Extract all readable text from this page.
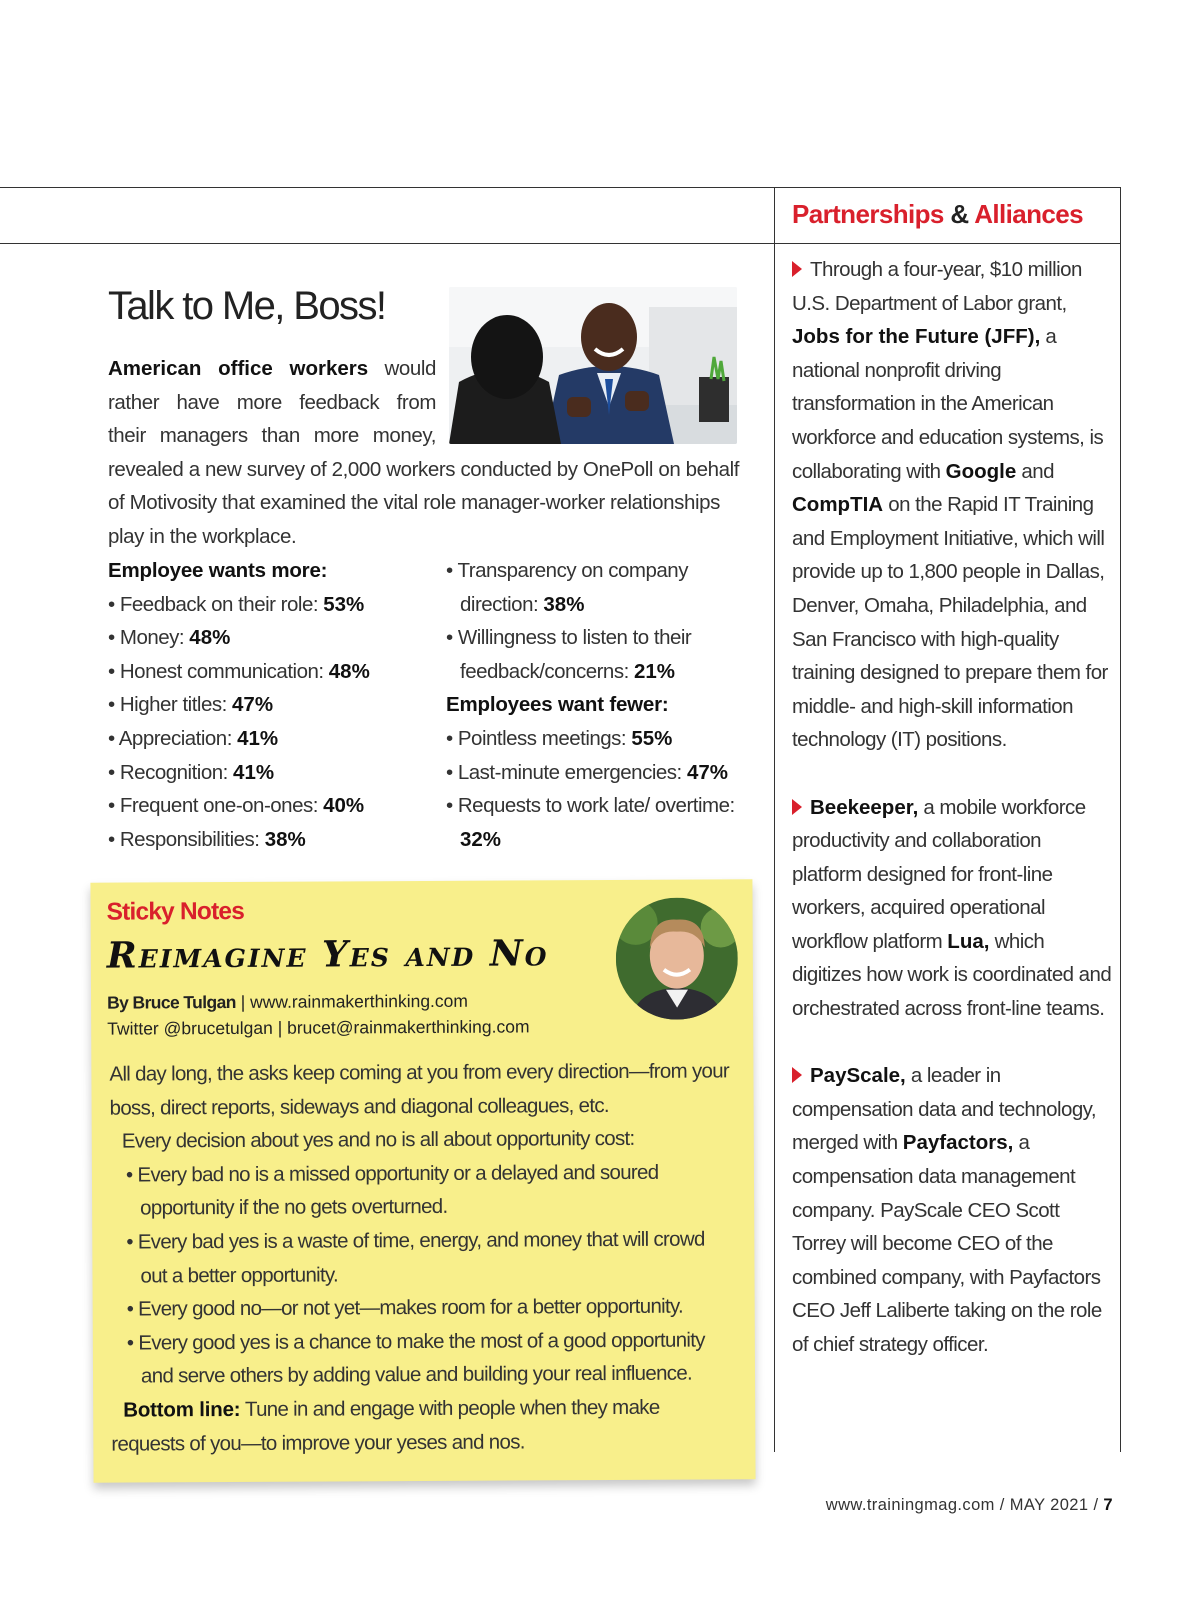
Partnerships & Alliances
Talk to Me, Boss!
American office workers would
rather have more feedback from
their managers than more money,
revealed a new survey of 2,000 workers conducted by OnePoll on behalf of Motivosity that examined the vital role manager-worker relationships play in the workplace.
Employee wants more:
• Feedback on their role: 53%
• Money: 48%
• Honest communication: 48%
• Higher titles: 47%
• Appreciation: 41%
• Recognition: 41%
• Frequent one-on-ones: 40%
• Responsibilities: 38%
• Transparency on company direction: 38%
• Willingness to listen to their feedback/concerns: 21%
Employees want fewer:
• Pointless meetings: 55%
• Last-minute emergencies: 47%
• Requests to work late/ overtime: 32%
Sticky Notes
Reimagine Yes and No
By Bruce Tulgan | www.rainmakerthinking.com
Twitter @brucetulgan | brucet@rainmakerthinking.com
All day long, the asks keep coming at you from every direction—from your boss, direct reports, sideways and diagonal colleagues, etc.
Every decision about yes and no is all about opportunity cost:
• Every bad no is a missed opportunity or a delayed and soured opportunity if the no gets overturned.
• Every bad yes is a waste of time, energy, and money that will crowd out a better opportunity.
• Every good no—or not yet—makes room for a better opportunity.
• Every good yes is a chance to make the most of a good opportunity and serve others by adding value and building your real influence.
Bottom line: Tune in and engage with people when they make requests of you—to improve your yeses and nos.

Through a four-year, $10 million U.S. Department of Labor grant, Jobs for the Future (JFF), a national nonprofit driving transformation in the American workforce and education systems, is collaborating with Google and CompTIA on the Rapid IT Training and Employment Initiative, which will provide up to 1,800 people in Dallas, Denver, Omaha, Philadelphia, and San Francisco with high-quality training designed to prepare them for middle- and high-skill information technology (IT) positions.

Beekeeper, a mobile workforce productivity and collaboration platform designed for front-line workers, acquired operational workflow platform Lua, which digitizes how work is coordinated and orchestrated across front-line teams.

PayScale, a leader in compensation data and technology, merged with Payfactors, a compensation data management company. PayScale CEO Scott Torrey will become CEO of the combined company, with Payfactors CEO Jeff Laliberte taking on the role of chief strategy officer.

www.trainingmag.com / MAY 2021 / 7
